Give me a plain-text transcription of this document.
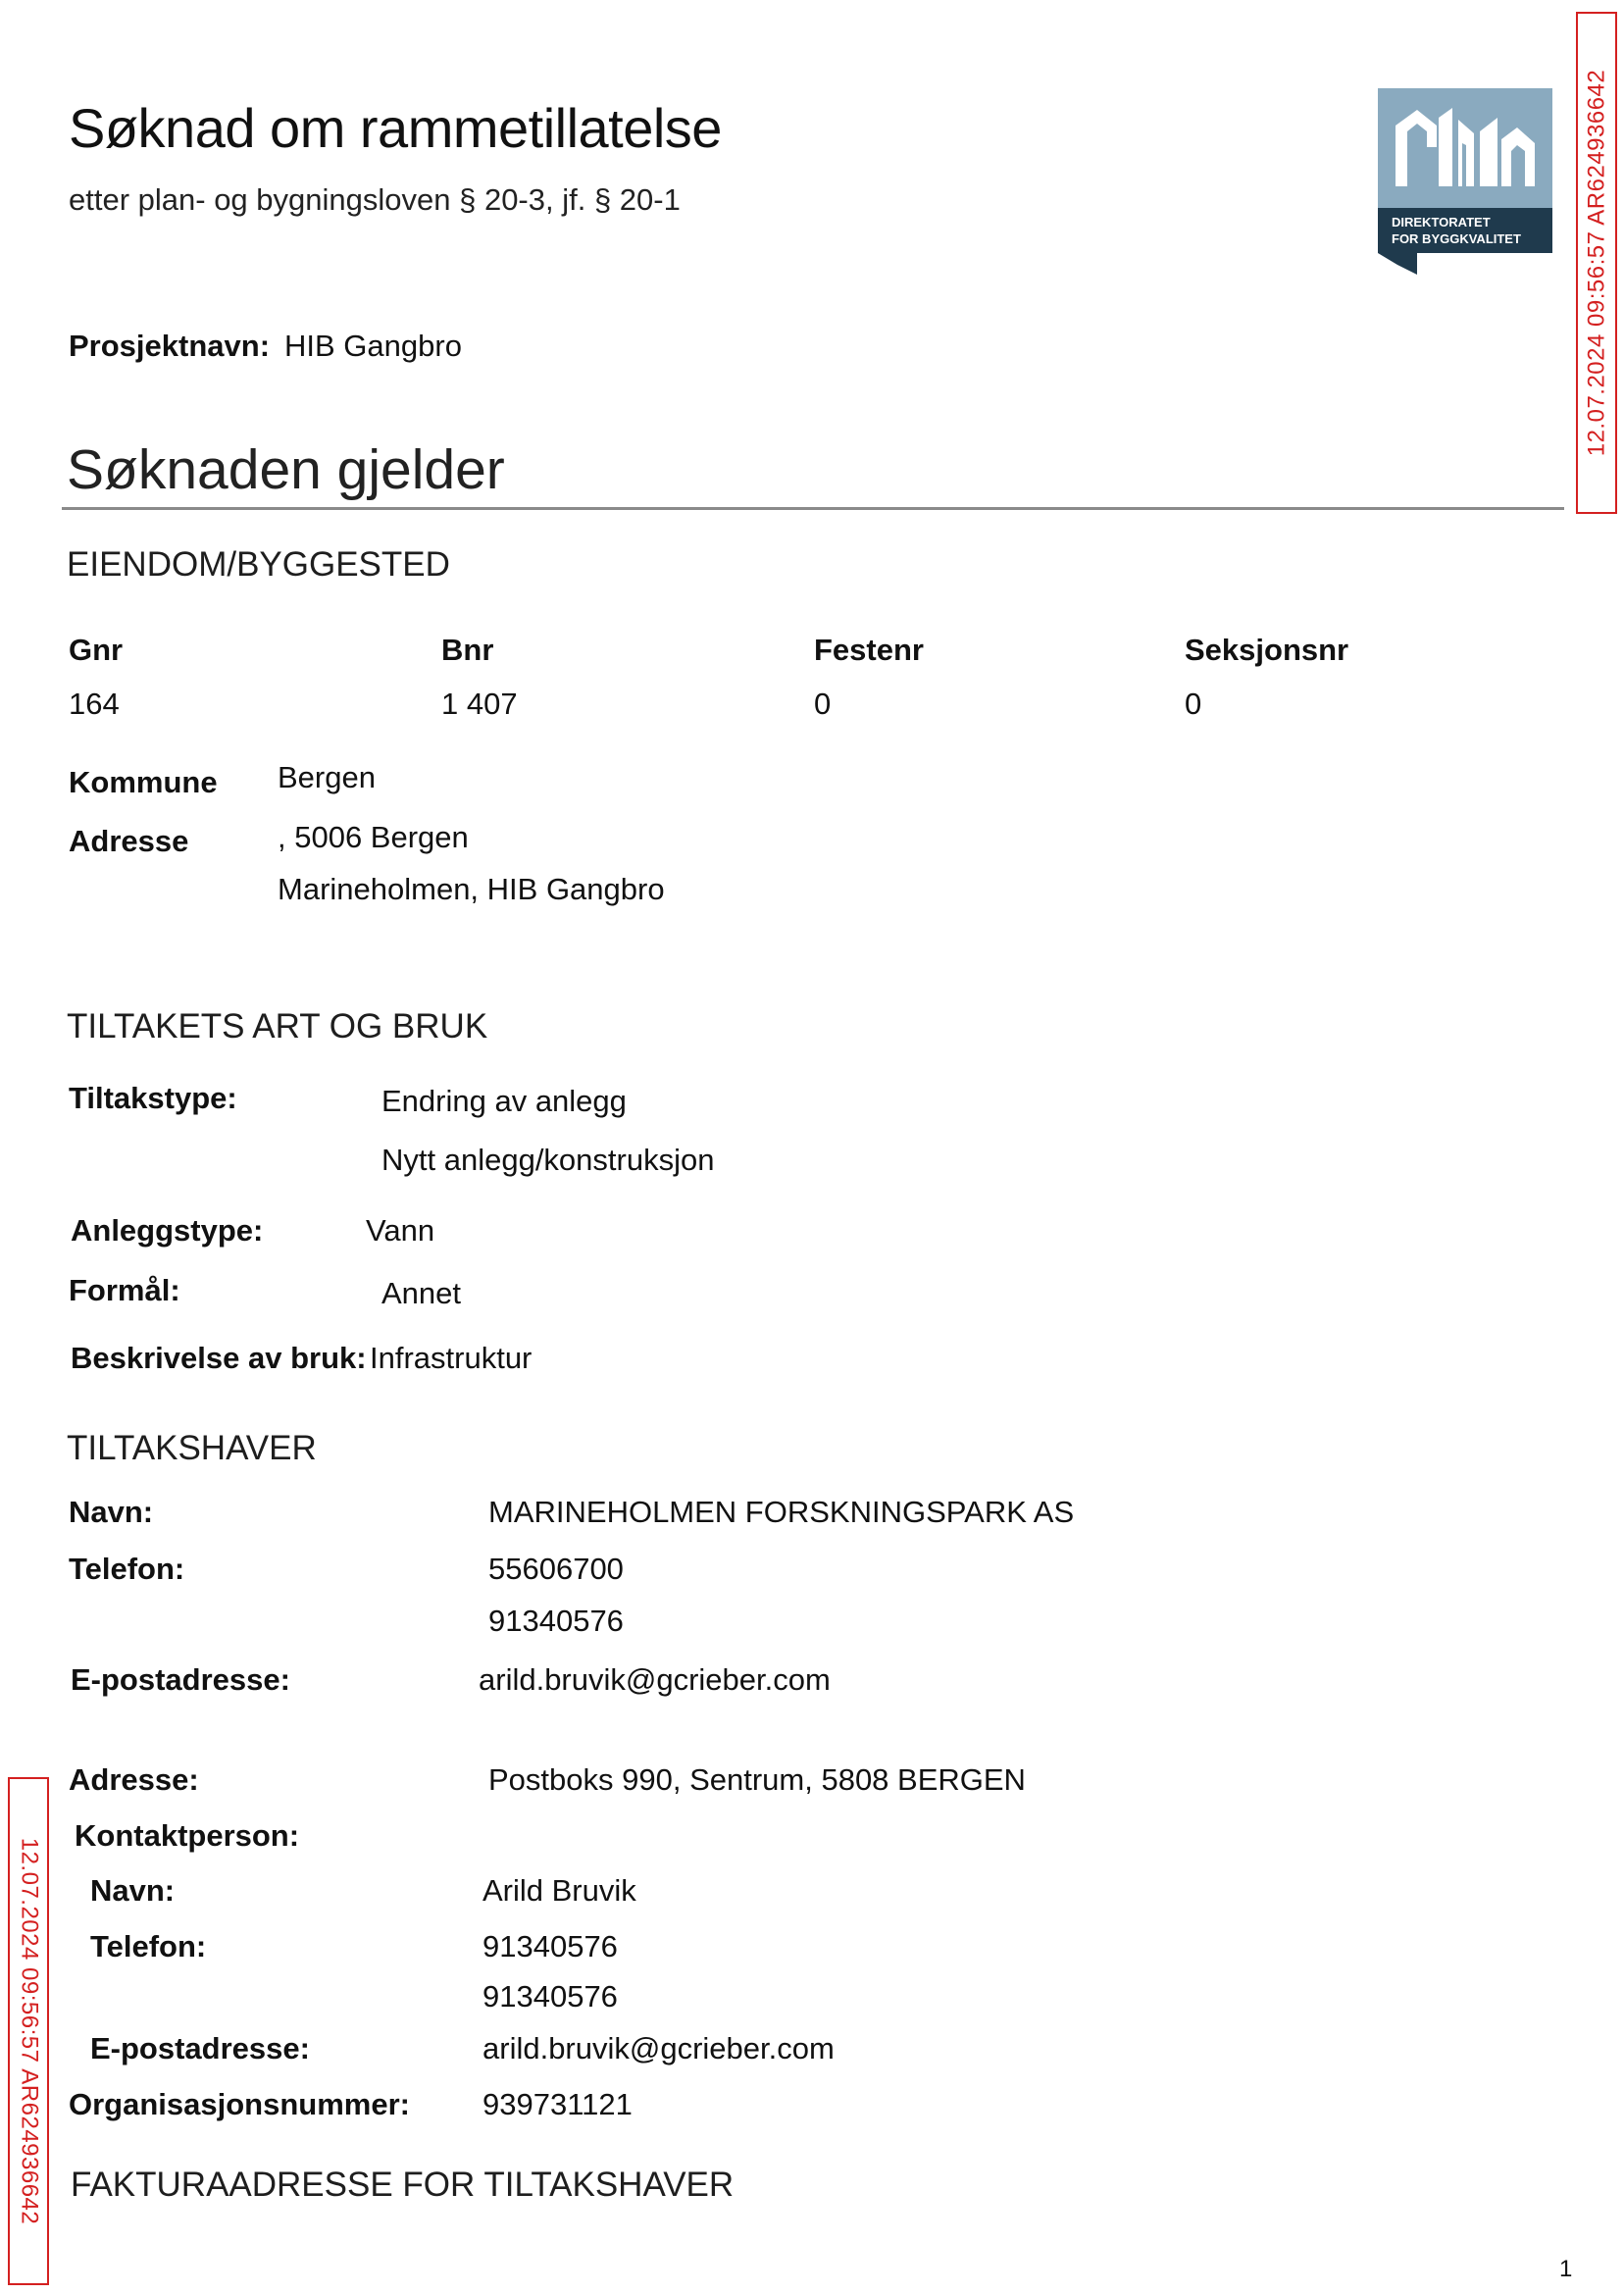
Søknad om rammetillatelse
etter plan- og bygningsloven § 20-3, jf. § 20-1
DIREKTORATET
FOR BYGGKVALITET	12.07.2024 09:56:57 AR624936642
12.07.2024 09:56:57 AR624936642
Prosjektnavn: HIB Gangbro
Søknaden gjelder
EIENDOM/BYGGESTED
Gnr	Bnr	Festenr	Seksjonsnr
164	1 407	0	0
Kommune Bergen
Adresse	, 5006 Bergen
Marineholmen, HIB Gangbro
TILTAKETS ART OG BRUK
Tiltakstype:	Endring av anlegg
Nytt anlegg/konstruksjon
Anleggstype:	Vann
Formål:	Annet
Beskrivelse av bruk: Infrastruktur
TILTAKSHAVER
Navn:	MARINEHOLMEN FORSKNINGSPARK AS
Telefon:	55606700
91340576
E-postadresse:	arild.bruvik@gcrieber.com
Adresse:	Postboks 990, Sentrum, 5808 BERGEN
Kontaktperson:
Navn:	Arild Bruvik
Telefon:	91340576
91340576
E-postadresse:	arild.bruvik@gcrieber.com
Organisasjonsnummer: 939731121
FAKTURAADRESSE FOR TILTAKSHAVER
1
